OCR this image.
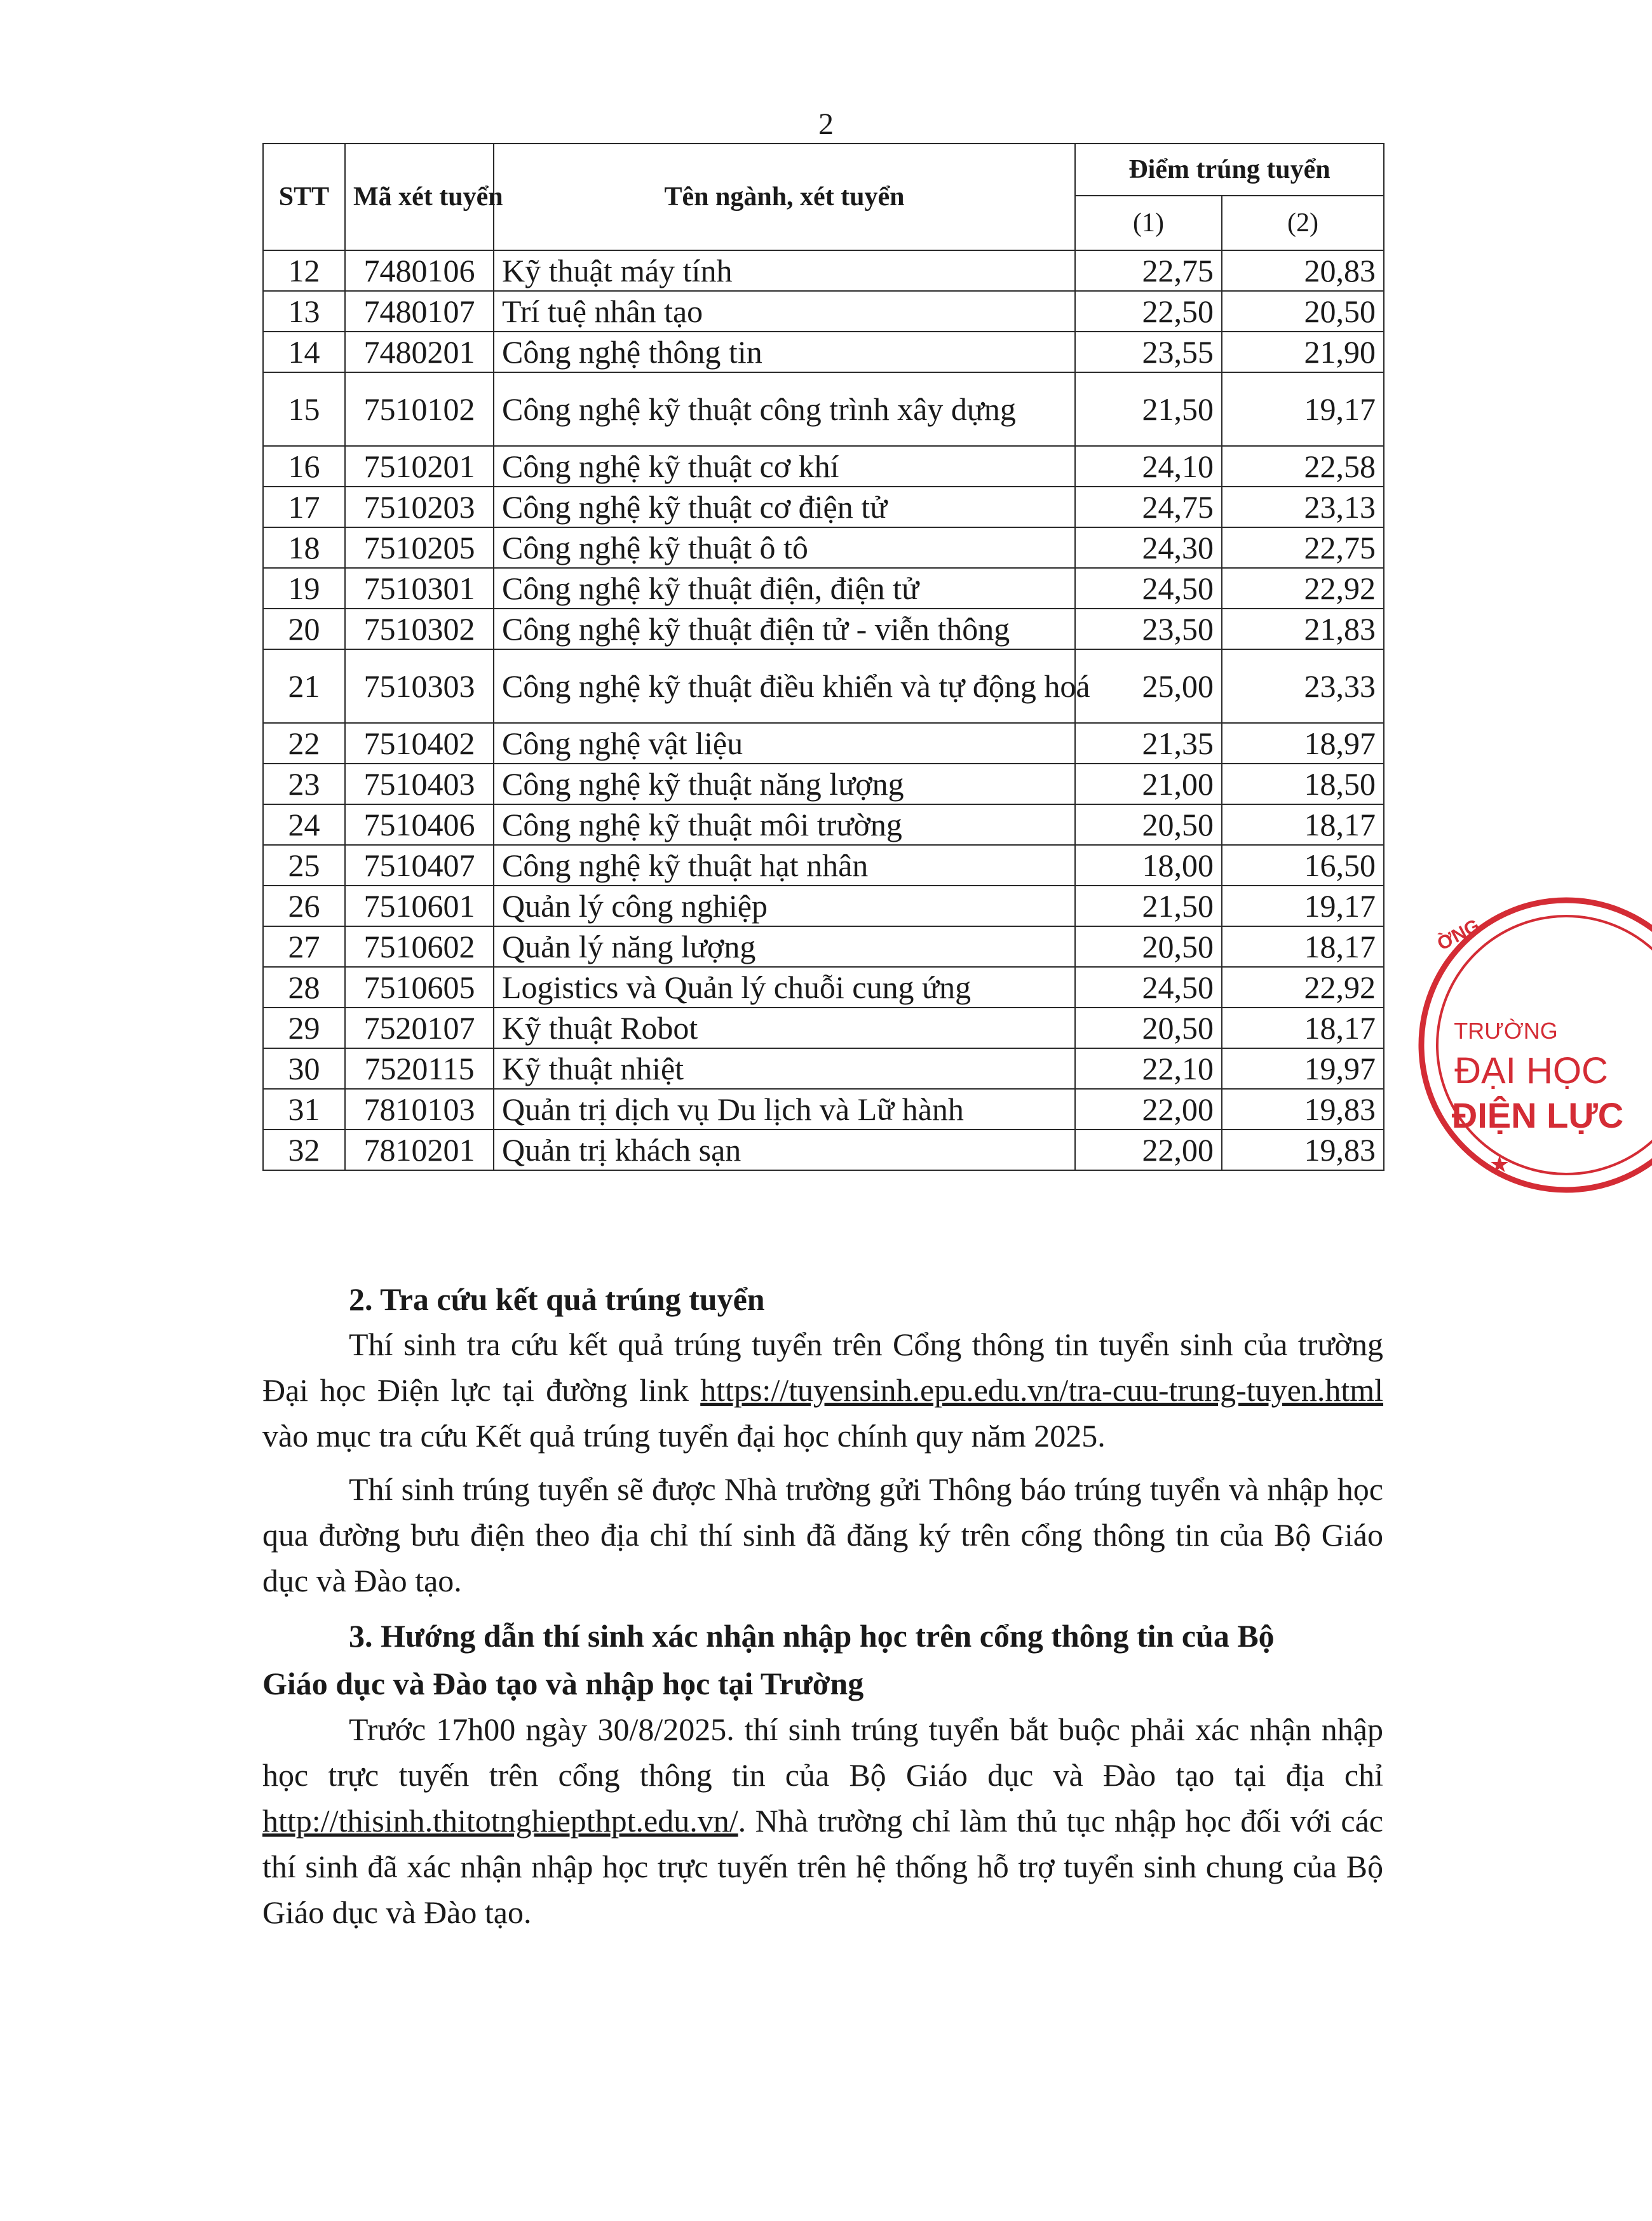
2
STT	Mã xét tuyển	Tên ngành, xét tuyển	Điểm trúng tuyển	
			(1)	(2)
12	7480106	Kỹ thuật máy tính	22,75	20,83
13	7480107	Trí tuệ nhân tạo	22,50	20,50
14	7480201	Công nghệ thông tin	23,55	21,90
15	7510102	Công nghệ kỹ thuật công trình xây dựng	21,50	19,17
16	7510201	Công nghệ kỹ thuật cơ khí	24,10	22,58
17	7510203	Công nghệ kỹ thuật cơ điện tử	24,75	23,13
18	7510205	Công nghệ kỹ thuật ô tô	24,30	22,75
19	7510301	Công nghệ kỹ thuật điện, điện tử	24,50	22,92
20	7510302	Công nghệ kỹ thuật điện tử - viễn thông	23,50	21,83
21	7510303	Công nghệ kỹ thuật điều khiển và tự động hoá	25,00	23,33
22	7510402	Công nghệ vật liệu	21,35	18,97
23	7510403	Công nghệ kỹ thuật năng lượng	21,00	18,50
24	7510406	Công nghệ kỹ thuật môi trường	20,50	18,17
25	7510407	Công nghệ kỹ thuật hạt nhân	18,00	16,50
26	7510601	Quản lý công nghiệp	21,50	19,17
27	7510602	Quản lý năng lượng	20,50	18,17
28	7510605	Logistics và Quản lý chuỗi cung ứng	24,50	22,92
29	7520107	Kỹ thuật Robot	20,50	18,17
30	7520115	Kỹ thuật nhiệt	22,10	19,97
31	7810103	Quản trị dịch vụ Du lịch và Lữ hành	22,00	19,83
32	7810201	Quản trị khách sạn	22,00	19,83
2. Tra cứu kết quả trúng tuyển

Thí sinh tra cứu kết quả trúng tuyển trên Cổng thông tin tuyển sinh của trường Đại học Điện lực tại đường link https://tuyensinh.epu.edu.vn/tra-cuu-trung-tuyen.html vào mục tra cứu Kết quả trúng tuyển đại học chính quy năm 2025.

Thí sinh trúng tuyển sẽ được Nhà trường gửi Thông báo trúng tuyển và nhập học qua đường bưu điện theo địa chỉ thí sinh đã đăng ký trên cổng thông tin của Bộ Giáo dục và Đào tạo.

3. Hướng dẫn thí sinh xác nhận nhập học trên cổng thông tin của Bộ
Giáo dục và Đào tạo và nhập học tại Trường

Trước 17h00 ngày 30/8/2025. thí sinh trúng tuyển bắt buộc phải xác nhận nhập học trực tuyến trên cổng thông tin của Bộ Giáo dục và Đào tạo tại địa chỉ http://thisinh.thitotnghiepthpt.edu.vn/. Nhà trường chỉ làm thủ tục nhập học đối với các thí sinh đã xác nhận nhập học trực tuyến trên hệ thống hỗ trợ tuyển sinh chung của Bộ Giáo dục và Đào tạo.

ỜNG
TRƯỜNG
ĐẠI HỌC
ĐIỆN LỰC
★
